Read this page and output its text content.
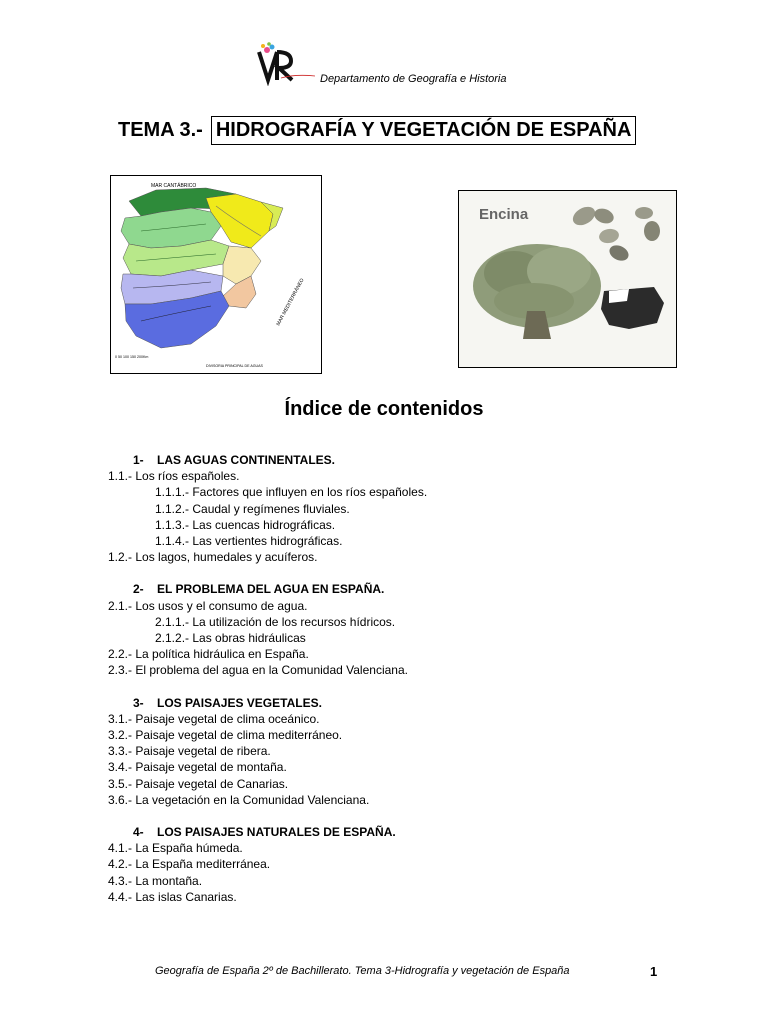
Departamento de Geografía e Historia
TEMA 3.- HIDROGRAFÍA Y VEGETACIÓN DE ESPAÑA
MAR CANTÁBRICO
MAR MEDITERRÁNEO
DIVISORIA PRINCIPAL DE AGUAS
0 50 100 150 200Km
Encina
Índice de contenidos
1- LAS AGUAS CONTINENTALES.
1.1.- Los ríos españoles.
1.1.1.- Factores que influyen en los ríos españoles.
1.1.2.- Caudal y regímenes fluviales.
1.1.3.- Las cuencas hidrográficas.
1.1.4.- Las vertientes hidrográficas.
1.2.- Los lagos, humedales y acuíferos.
2- EL PROBLEMA DEL AGUA EN ESPAÑA.
2.1.- Los usos y el consumo de agua.
2.1.1.- La utilización de los recursos hídricos.
2.1.2.- Las obras hidráulicas
2.2.- La política hidráulica en España.
2.3.- El problema del agua en la Comunidad Valenciana.
3- LOS PAISAJES VEGETALES.
3.1.- Paisaje vegetal de clima oceánico.
3.2.- Paisaje vegetal de clima mediterráneo.
3.3.- Paisaje vegetal de ribera.
3.4.- Paisaje vegetal de montaña.
3.5.- Paisaje vegetal de Canarias.
3.6.- La vegetación en la Comunidad Valenciana.
4- LOS PAISAJES NATURALES DE ESPAÑA.
4.1.- La España húmeda.
4.2.- La España mediterránea.
4.3.- La montaña.
4.4.- Las islas Canarias.
Geografía de España 2º de Bachillerato. Tema 3-Hidrografía y vegetación de España	1
